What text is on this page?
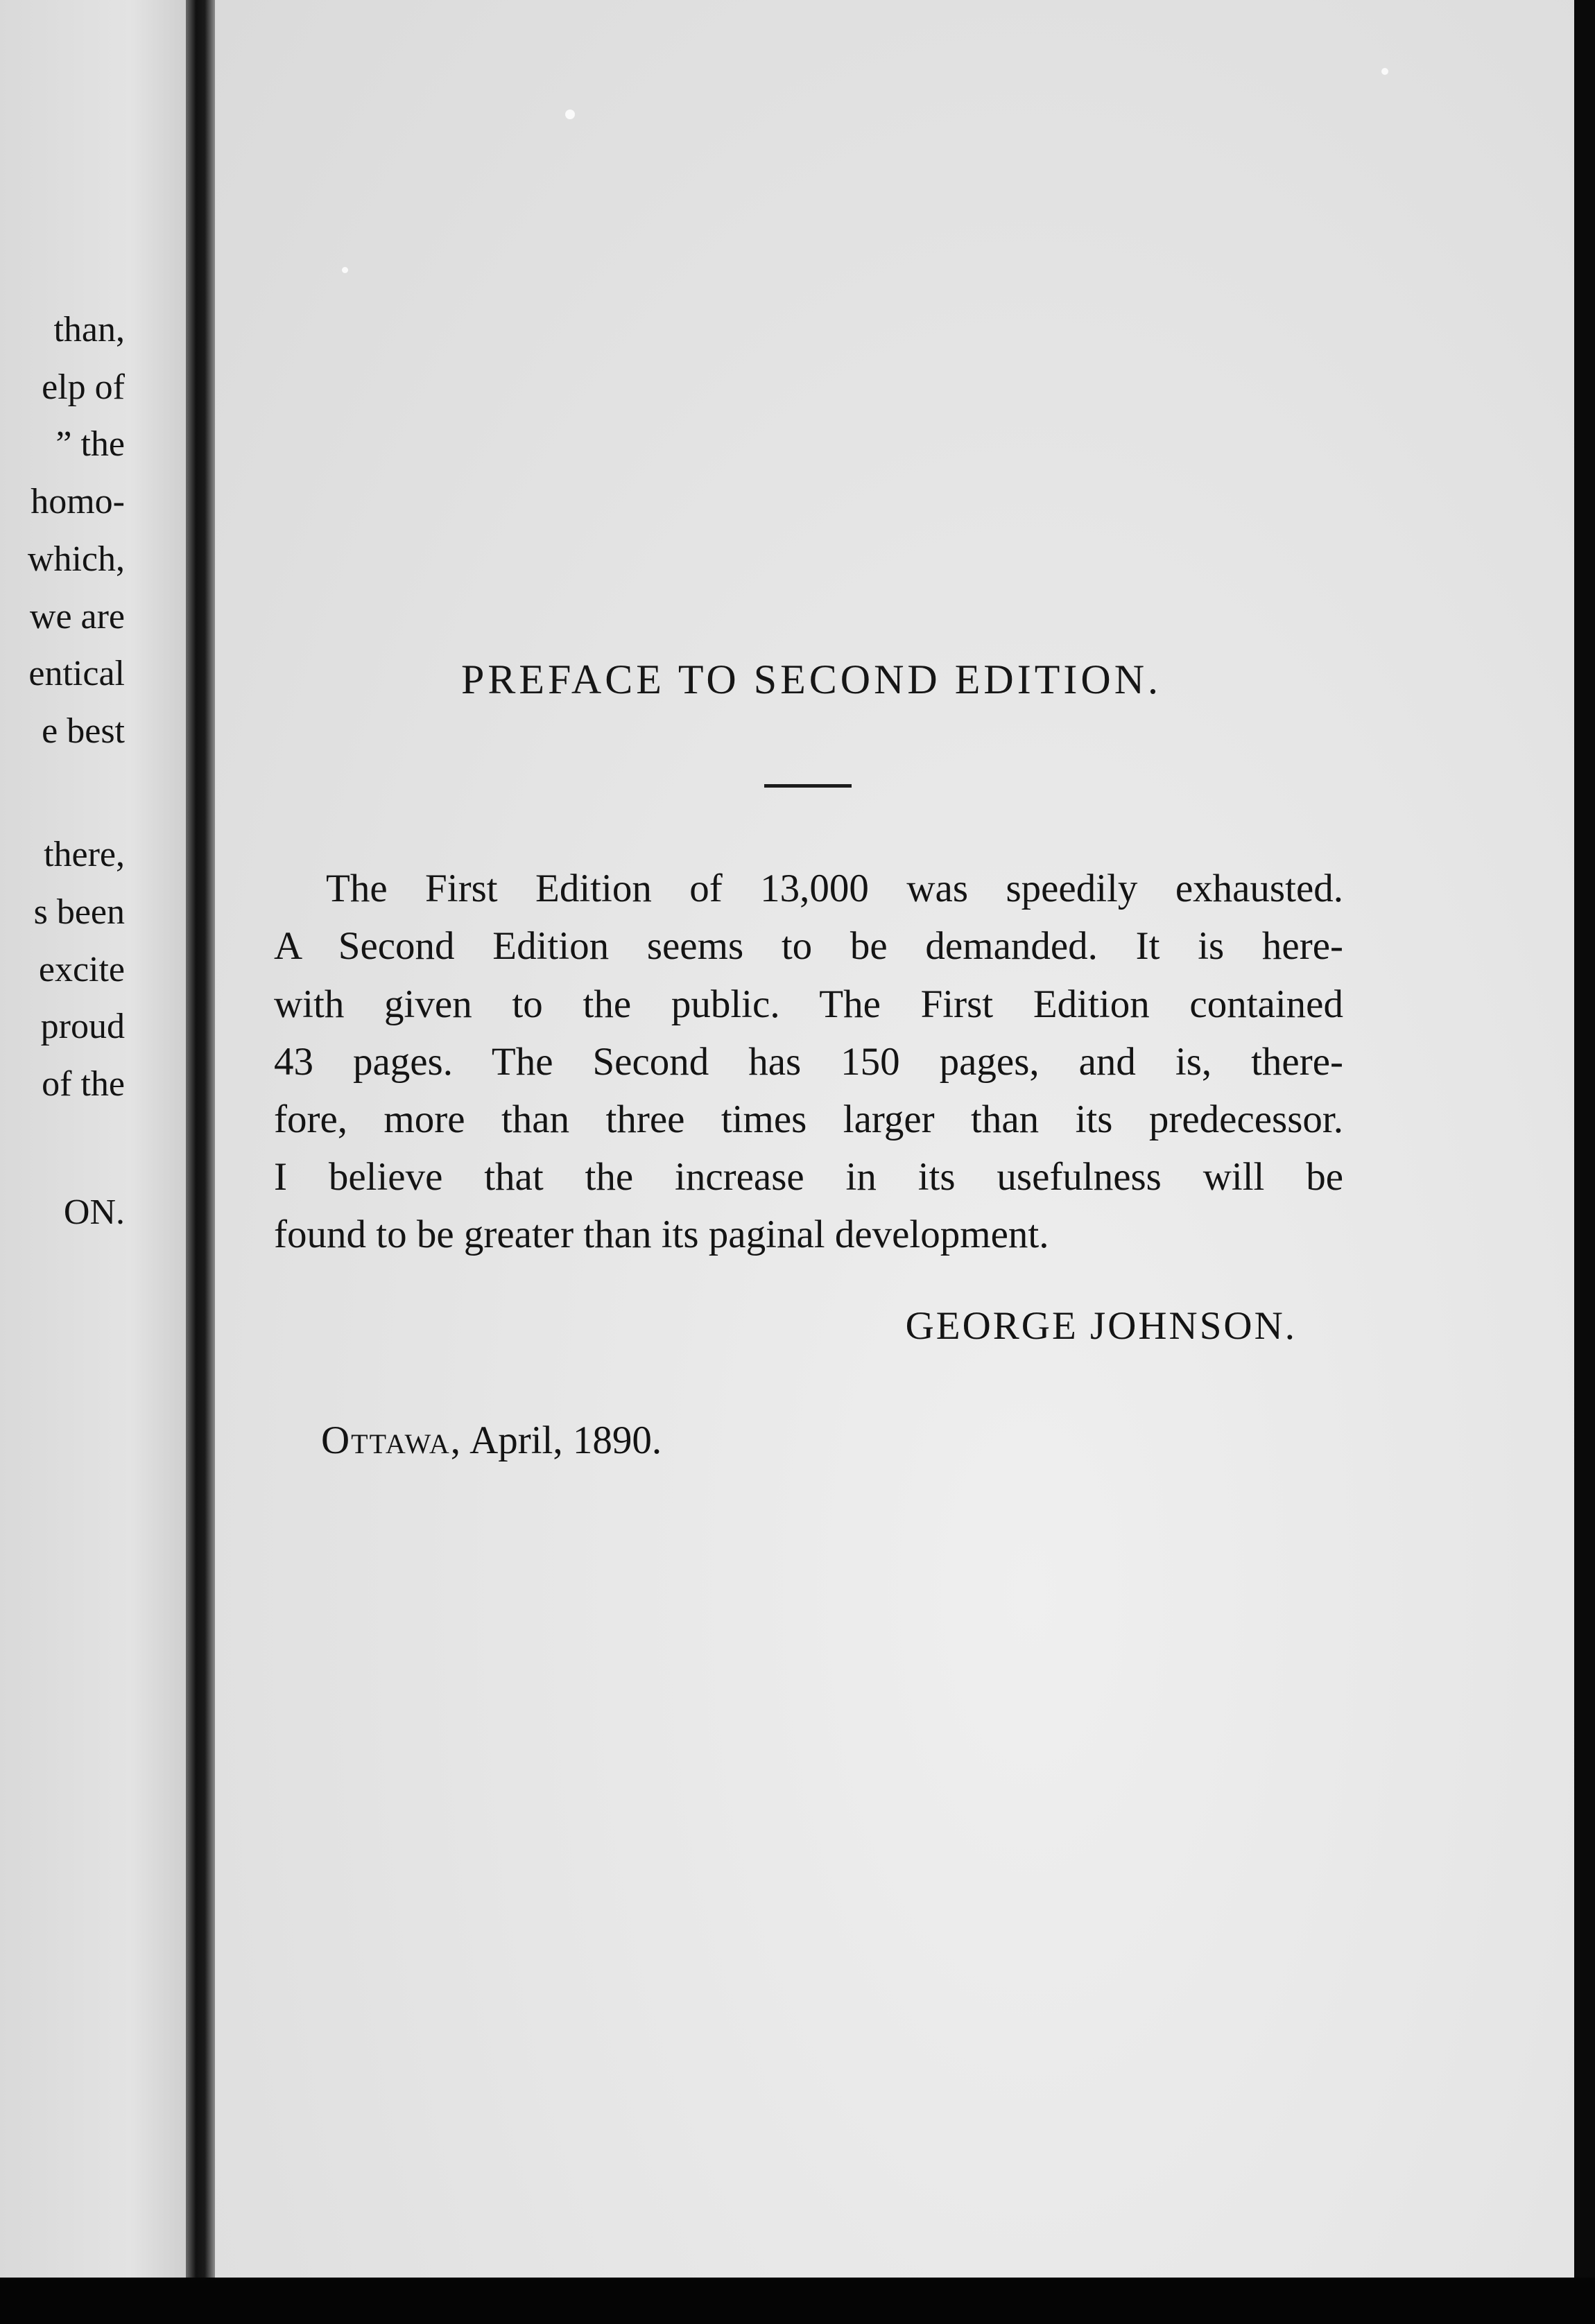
than,
elp of
” the
homo-
which,
we are
entical
e best
there,
s been
excite
proud
of the
ON.
PREFACE TO SECOND EDITION.
The First Edition of 13,000 was speedily exhausted.
A Second Edition seems to be demanded. It is here-
with given to the public. The First Edition contained
43 pages. The Second has 150 pages, and is, there-
fore, more than three times larger than its predecessor.
I believe that the increase in its usefulness will be
found to be greater than its paginal development.
GEORGE JOHNSON.
Ottawa, April, 1890.
